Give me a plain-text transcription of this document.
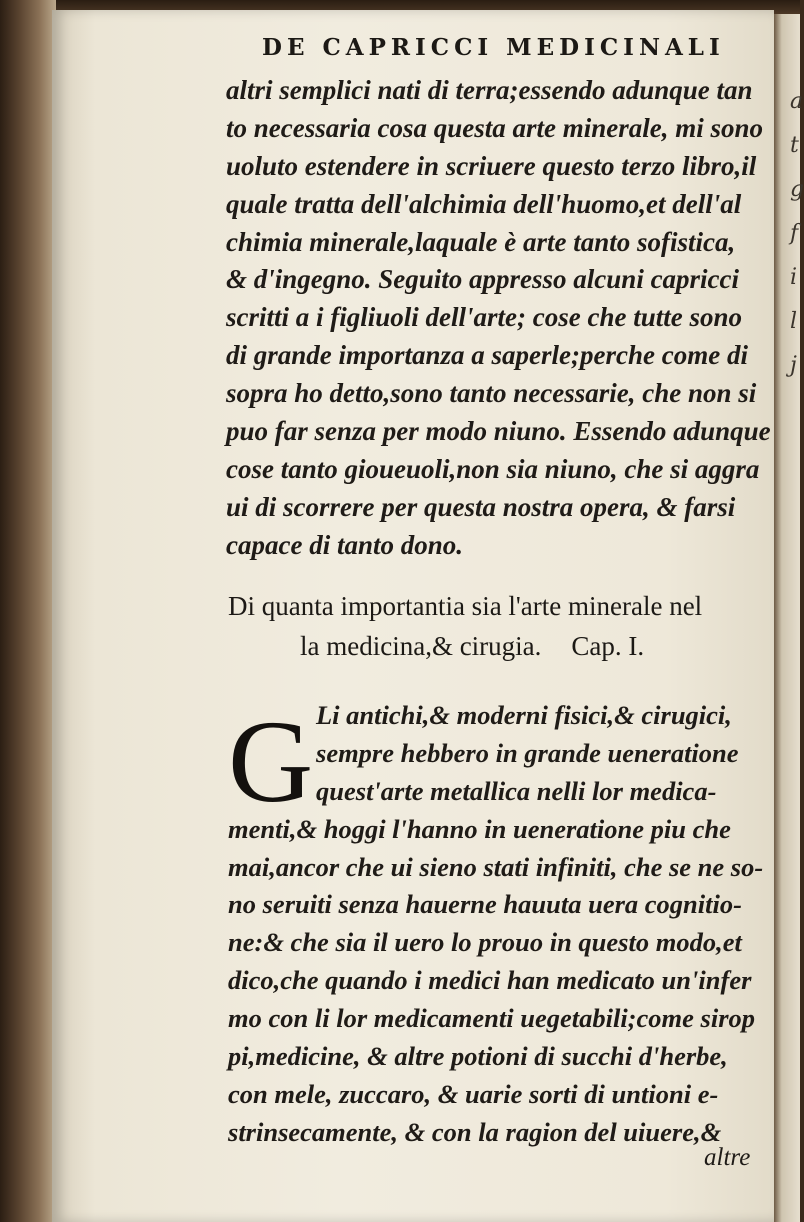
a
t
g
f
i
l
j
DE CAPRICCI MEDICINALI
altri semplici nati di terra;essendo adunque tan
to necessaria cosa questa arte minerale, mi sono
uoluto estendere in scriuere questo terzo libro,il
quale tratta dell'alchimia dell'huomo,et dell'al
chimia minerale,laquale è arte tanto sofistica,
& d'ingegno. Seguito appresso alcuni capricci
scritti a i figliuoli dell'arte; cose che tutte sono
di grande importanza a saperle;perche come di
sopra ho detto,sono tanto necessarie, che non si
puo far senza per modo niuno. Essendo adunque
cose tanto gioueuoli,non sia niuno, che si aggra
ui di scorrere per questa nostra opera, & farsi
capace di tanto dono.
Di quanta importantia sia l'arte minerale nel
la medicina,& cirugia. Cap. I.
G Li antichi,& moderni fisici,& cirugici,
sempre hebbero in grande ueneratione
quest'arte metallica nelli lor medica-
menti,& hoggi l'hanno in ueneratione piu che
mai,ancor che ui sieno stati infiniti, che se ne so-
no seruiti senza hauerne hauuta uera cognitio-
ne:& che sia il uero lo prouo in questo modo,et
dico,che quando i medici han medicato un'infer
mo con li lor medicamenti uegetabili;come sirop
pi,medicine, & altre potioni di succhi d'herbe,
con mele, zuccaro, & uarie sorti di untioni e-
strinsecamente, & con la ragion del uiuere,&
altre
